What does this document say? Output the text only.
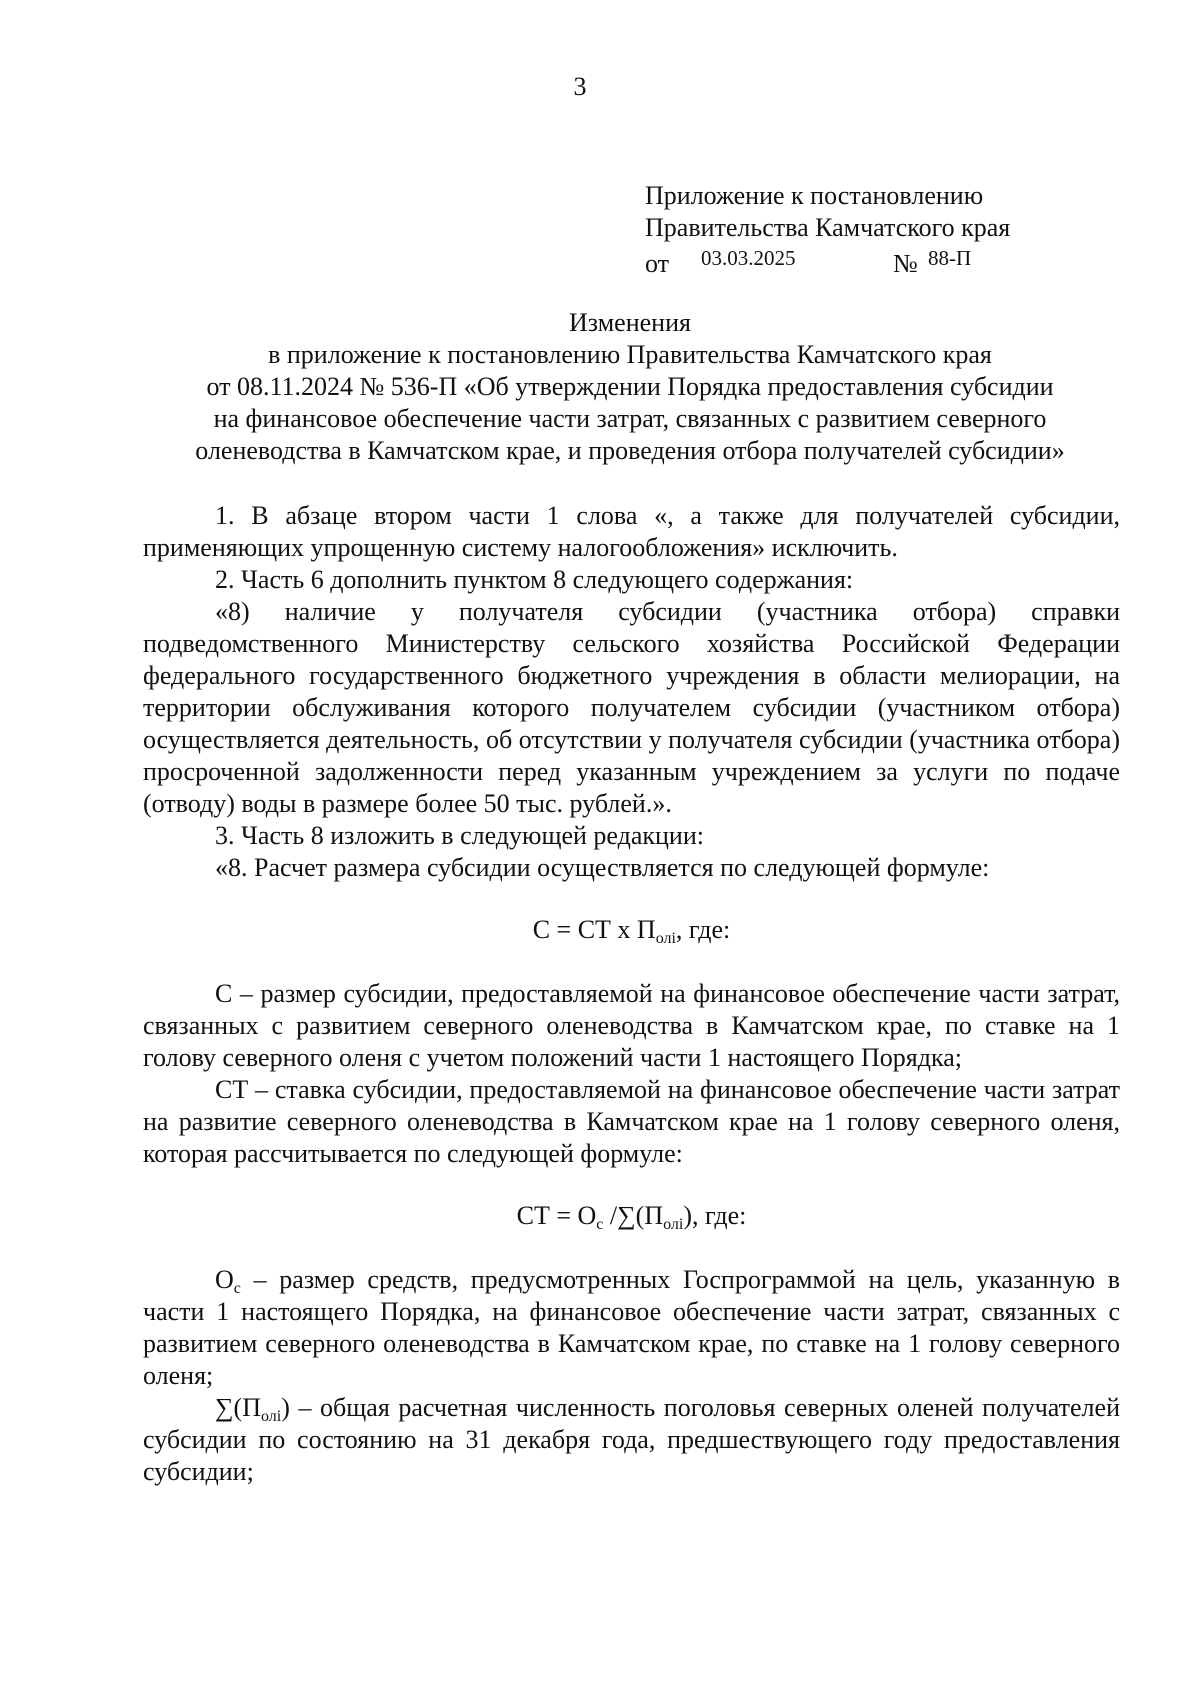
3
Приложение к постановлению
Правительства Камчатского края
от 03.03.2025	№ 88-П
Изменения
в приложение к постановлению Правительства Камчатского края
от 08.11.2024 № 536-П «Об утверждении Порядка предоставления субсидии
на финансовое обеспечение части затрат, связанных с развитием северного
оленеводства в Камчатском крае, и проведения отбора получателей субсидии»

1. В абзаце втором части 1 слова «, а также для получателей субсидии, применяющих упрощенную систему налогообложения» исключить.

2. Часть 6 дополнить пунктом 8 следующего содержания:

«8) наличие у получателя субсидии (участника отбора) справки подведомственного Министерству сельского хозяйства Российской Федерации федерального государственного бюджетного учреждения в области мелиорации, на территории обслуживания которого получателем субсидии (участником отбора) осуществляется деятельность, об отсутствии у получателя субсидии (участника отбора) просроченной задолженности перед указанным учреждением за услуги по подаче (отводу) воды в размере более 50 тыс. рублей.».

3. Часть 8 изложить в следующей редакции:

«8. Расчет размера субсидии осуществляется по следующей формуле:

С = СТ х $П_{олі}$, где:

С – размер субсидии, предоставляемой на финансовое обеспечение части затрат, связанных с развитием северного оленеводства в Камчатском крае, по ставке на 1 голову северного оленя с учетом положений части 1 настоящего Порядка;

СТ – ставка субсидии, предоставляемой на финансовое обеспечение части затрат на развитие северного оленеводства в Камчатском крае на 1 голову северного оленя, которая рассчитывается по следующей формуле:

СТ = $О_с$ $/\sum(П_{олі})$, где:

$О_с$ – размер средств, предусмотренных Госпрограммой на цель, указанную в части 1 настоящего Порядка, на финансовое обеспечение части затрат, связанных с развитием северного оленеводства в Камчатском крае, по ставке на 1 голову северного оленя;

$\sum(П_{олі})$ – общая расчетная численность поголовья северных оленей получателей субсидии по состоянию на 31 декабря года, предшествующего году предоставления субсидии;
